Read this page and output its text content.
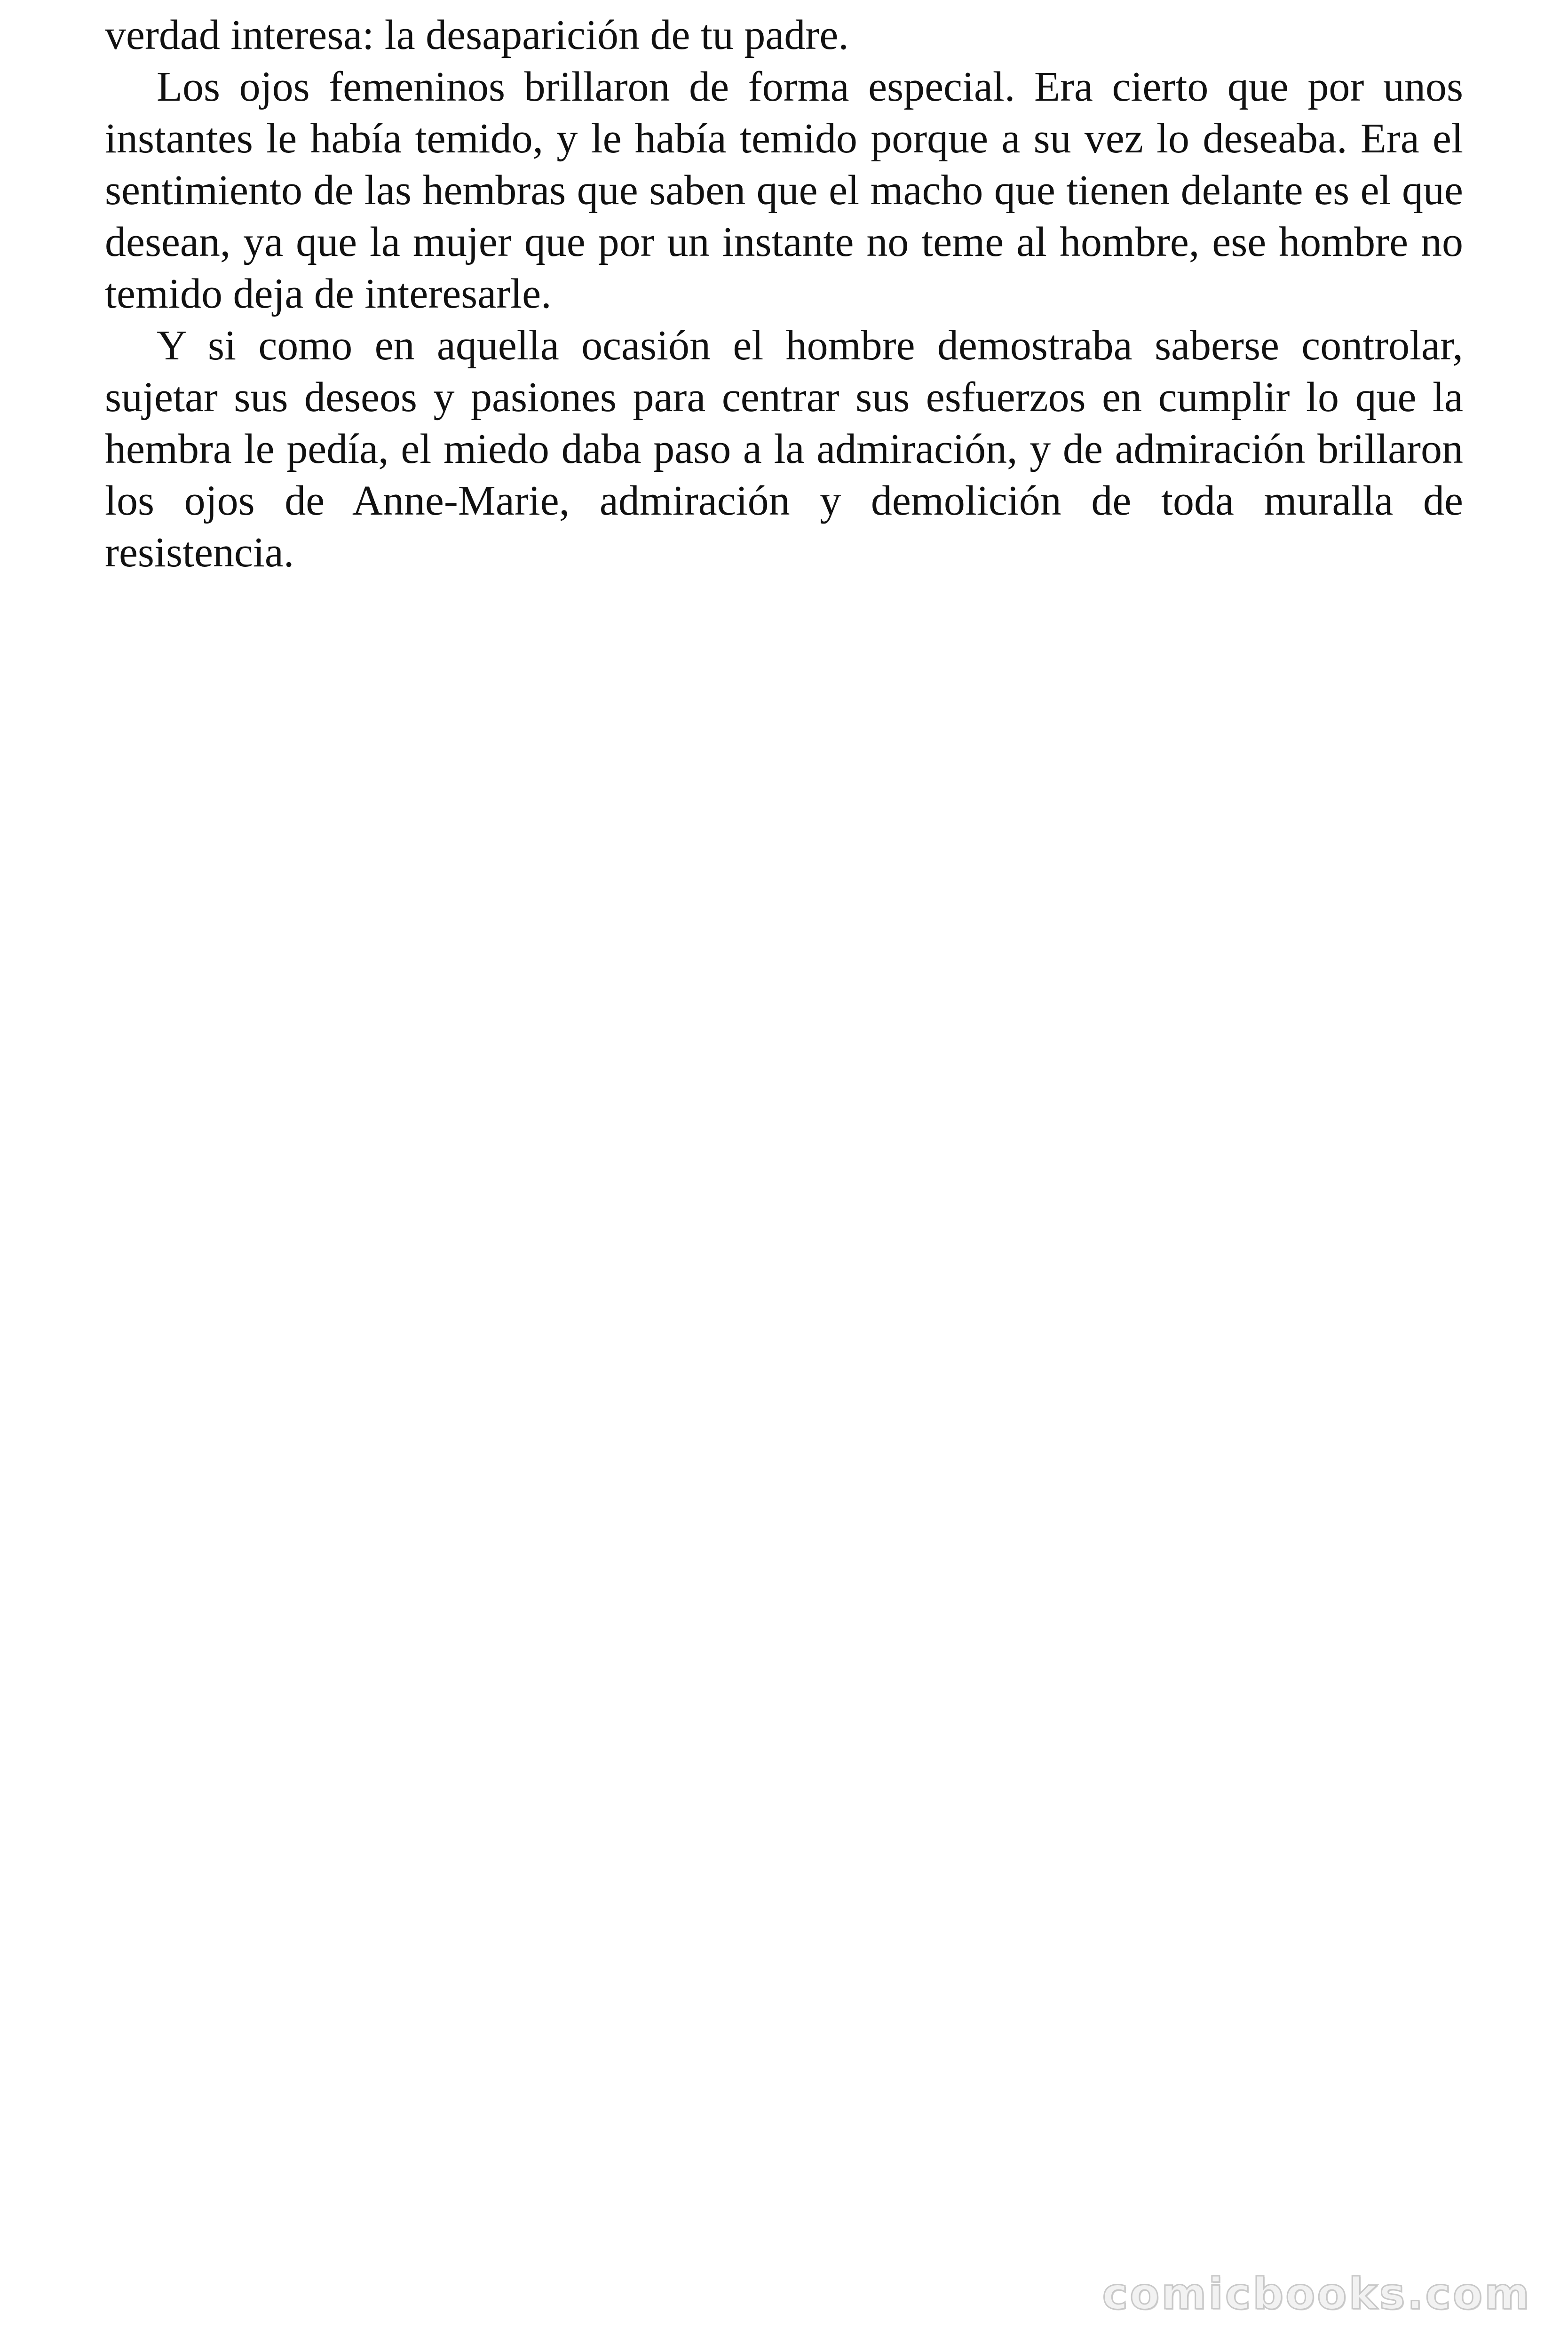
verdad interesa: la desaparición de tu padre.

Los ojos femeninos brillaron de forma especial. Era cierto que por unos instantes le había temido, y le había temido porque a su vez lo deseaba. Era el sentimiento de las hembras que saben que el macho que tienen delante es el que desean, ya que la mujer que por un instante no teme al hombre, ese hombre no temido deja de interesarle.

Y si como en aquella ocasión el hombre demostraba saberse controlar, sujetar sus deseos y pasiones para centrar sus esfuerzos en cumplir lo que la hembra le pedía, el miedo daba paso a la admiración, y de admiración brillaron los ojos de Anne-Marie, admiración y demolición de toda muralla de resistencia.

comicbooks.com
